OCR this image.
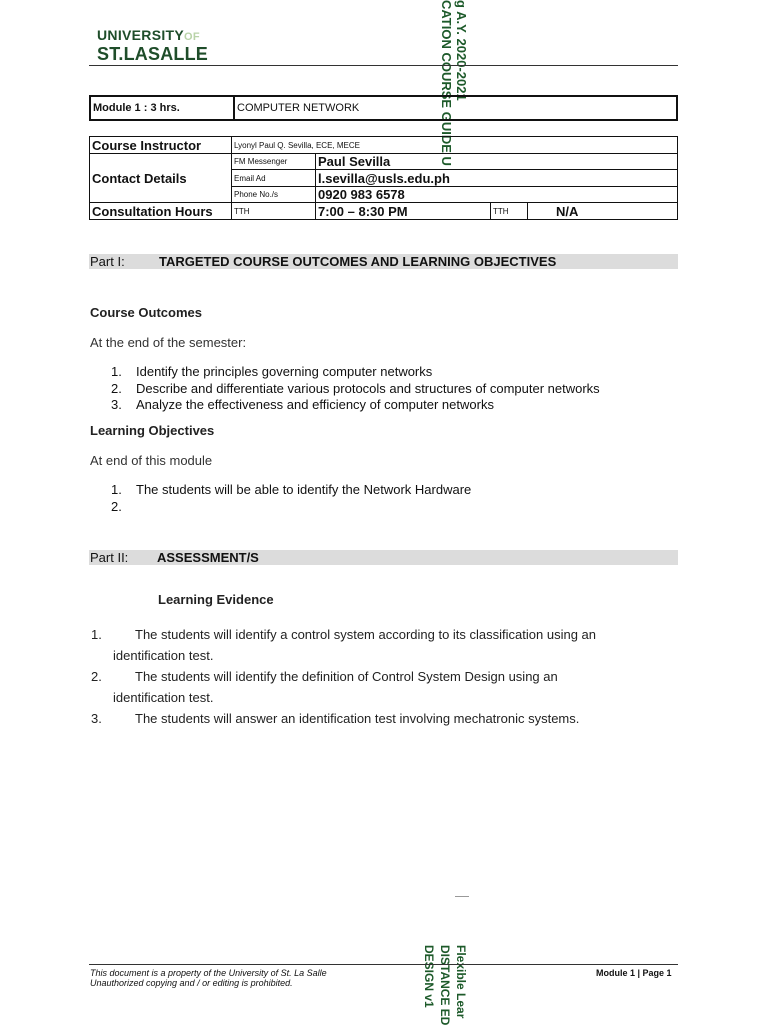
UNIVERSITYOF
ST.LASALLE	g A.Y. 2020-2021
CATION COURSE GUIDE U
Module 1 : 3 hrs.	COMPUTER NETWORK
Course Instructor	Lyonyl Paul Q. Sevilla, ECE, MECE			
Contact Details	FM Messenger	Paul Sevilla		
	Email Ad	l.sevilla@usls.edu.ph		
	Phone No./s	0920 983 6578		
Consultation Hours	TTH	7:00 – 8:30 PM	TTH	N/A
Part I:	TARGETED COURSE OUTCOMES AND LEARNING OBJECTIVES
Course Outcomes
At the end of the semester:
1. Identify the principles governing computer networks
2. Describe and differentiate various protocols and structures of computer networks
3. Analyze the effectiveness and efficiency of computer networks
Learning Objectives
At end of this module
1. The students will be able to identify the Network Hardware
2.
Part II: ASSESSMENT/S
Learning Evidence
1.	The students will identify a control system according to its classification using an
identification test.
2.	The students will identify the definition of Control System Design using an
identification test.
3.	The students will answer an identification test involving mechatronic systems.
Flexible Lear
DISTANCE ED
DESIGN v1
This document is a property of the University of St. La Salle
Unauthorized copying and / or editing is prohibited.
Module 1 | Page 1
